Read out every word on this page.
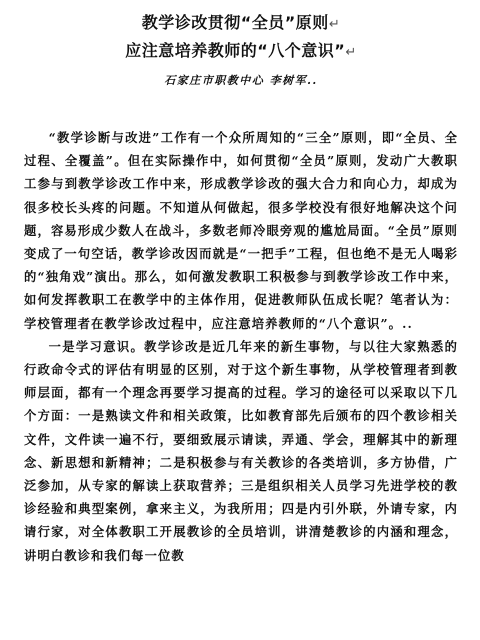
教学诊改贯彻“全员”原则↵
应注意培养教师的“八个意识”↵
石家庄市职教中心 李树军..

“教学诊断与改进”工作有一个众所周知的“三全”原则，即“全员、全过程、全覆盖”。但在实际操作中，如何贯彻“全员”原则，发动广大教职工参与到教学诊改工作中来，形成教学诊改的强大合力和向心力，却成为很多校长头疼的问题。不知道从何做起，很多学校没有很好地解决这个问题，容易形成少数人在战斗，多数老师冷眼旁观的尴尬局面。“全员”原则变成了一句空话，教学诊改因而就是“一把手”工程，但也绝不是无人喝彩的“独角戏”演出。那么，如何激发教职工积极参与到教学诊改工作中来，如何发挥教职工在教学中的主体作用，促进教师队伍成长呢？笔者认为：学校管理者在教学诊改过程中，应注意培养教师的“八个意识”。..

一是学习意识。教学诊改是近几年来的新生事物，与以往大家熟悉的行政命令式的评估有明显的区别，对于这个新生事物，从学校管理者到教师层面，都有一个理念再要学习提高的过程。学习的途径可以采取以下几个方面：一是熟读文件和相关政策，比如教育部先后颁布的四个教诊相关文件，文件读一遍不行，要细致展示请读，弄通、学会，理解其中的新理念、新思想和新精神；二是积极参与有关教诊的各类培训，多方协借，广泛参加，从专家的解读上获取营养；三是组织相关人员学习先进学校的教诊经验和典型案例，拿来主义，为我所用；四是内引外联，外请专家，内请行家，对全体教职工开展教诊的全员培训，讲清楚教诊的内涵和理念，讲明白教诊和我们每一位教
